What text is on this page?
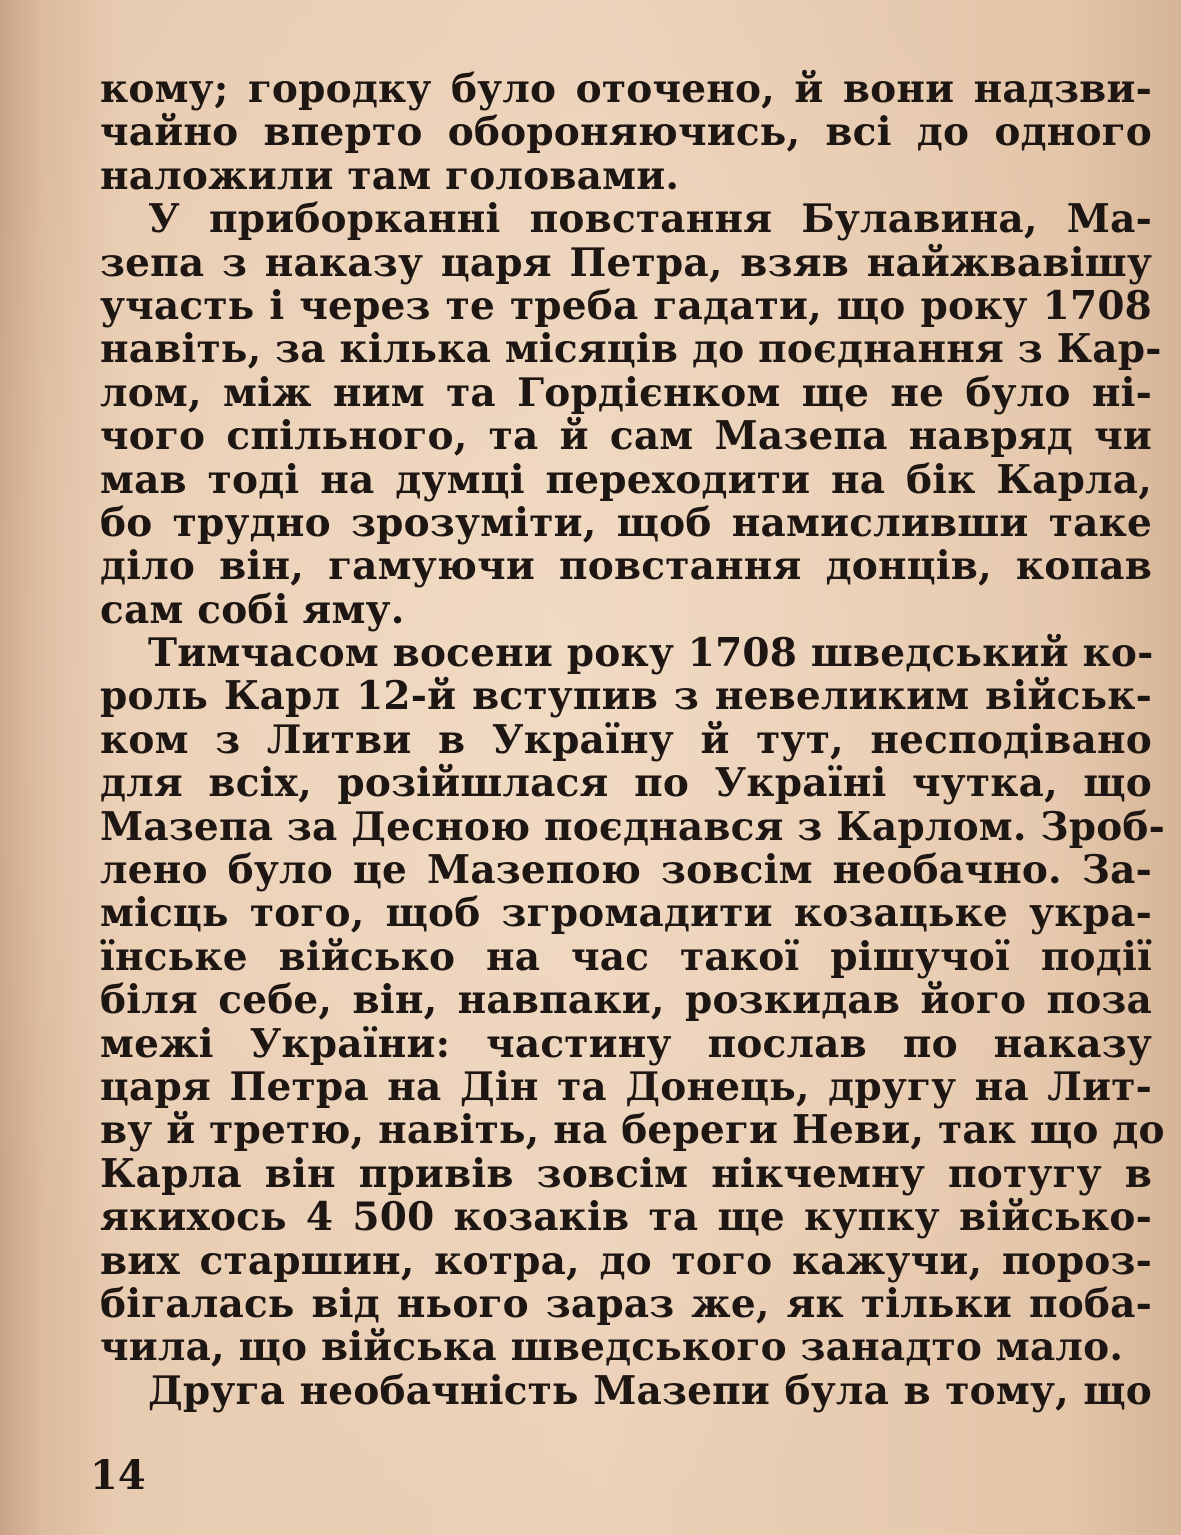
кому; городку було оточено, й вони надзви-
чайно вперто обороняючись, всі до одного
наложили там головами.
У приборканні повстання Булавина, Ма-
зепа з наказу царя Петра, взяв найжвавішу
участь і через те треба гадати, що року 1708
навіть, за кілька місяців до поєднання з Кар-
лом, між ним та Гордієнком ще не було ні-
чого спільного, та й сам Мазепа навряд чи
мав тоді на думці переходити на бік Карла,
бо трудно зрозуміти, щоб намисливши таке
діло він, гамуючи повстання донців, копав
сам собі яму.
Тимчасом восени року 1708 шведський ко-
роль Карл 12-й вступив з невеликим військ-
ком з Литви в Україну й тут, несподівано
для всіх, розійшлася по Україні чутка, що
Мазепа за Десною поєднався з Карлом. Зроб-
лено було це Мазепою зовсім необачно. За-
місць того, щоб згромадити козацьке укра-
їнське військо на час такої рішучої події
біля себе, він, навпаки, розкидав його поза
межі України: частину послав по наказу
царя Петра на Дін та Донець, другу на Лит-
ву й третю, навіть, на береги Неви, так що до
Карла він привів зовсім нікчемну потугу в
якихось 4 500 козаків та ще купку військо-
вих старшин, котра, до того кажучи, пороз-
бігалась від нього зараз же, як тільки поба-
чила, що війська шведського занадто мало.
Друга необачність Мазепи була в тому, що
14
